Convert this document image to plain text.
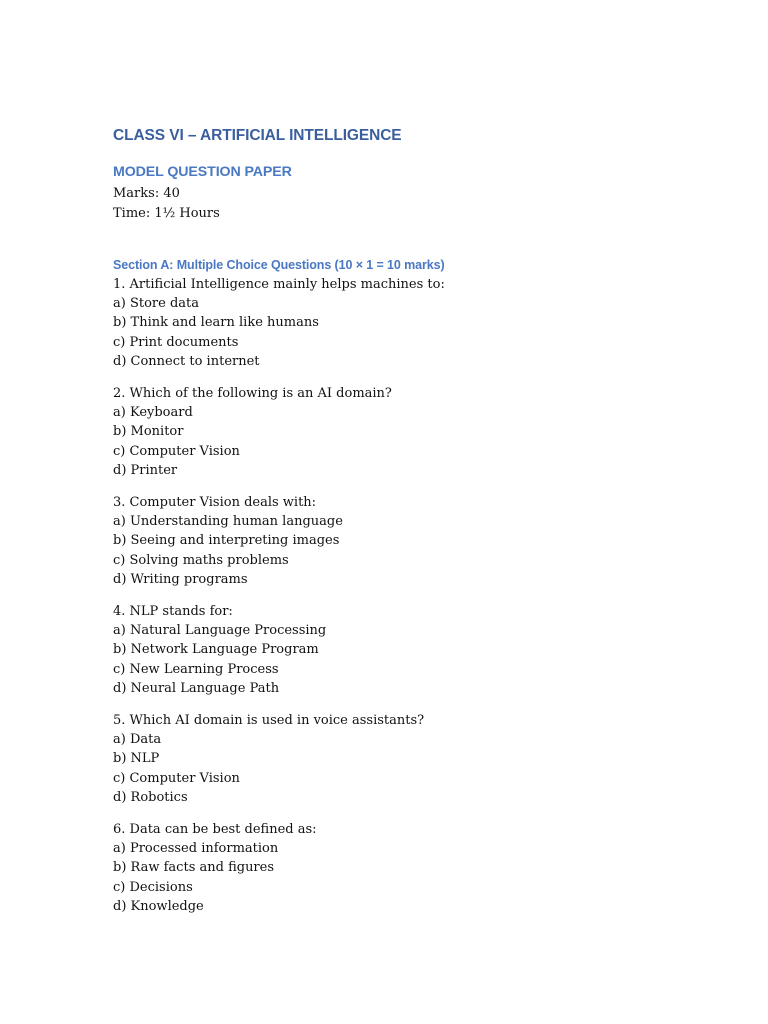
CLASS VI – ARTIFICIAL INTELLIGENCE
MODEL QUESTION PAPER

Marks: 40

Time: 1½ Hours

Section A: Multiple Choice Questions (10 × 1 = 10 marks)

1. Artificial Intelligence mainly helps machines to:

a) Store data

b) Think and learn like humans

c) Print documents

d) Connect to internet

2. Which of the following is an AI domain?

a) Keyboard

b) Monitor

c) Computer Vision

d) Printer

3. Computer Vision deals with:

a) Understanding human language

b) Seeing and interpreting images

c) Solving maths problems

d) Writing programs

4. NLP stands for:

a) Natural Language Processing

b) Network Language Program

c) New Learning Process

d) Neural Language Path

5. Which AI domain is used in voice assistants?

a) Data

b) NLP

c) Computer Vision

d) Robotics

6. Data can be best defined as:

a) Processed information

b) Raw facts and figures

c) Decisions

d) Knowledge
